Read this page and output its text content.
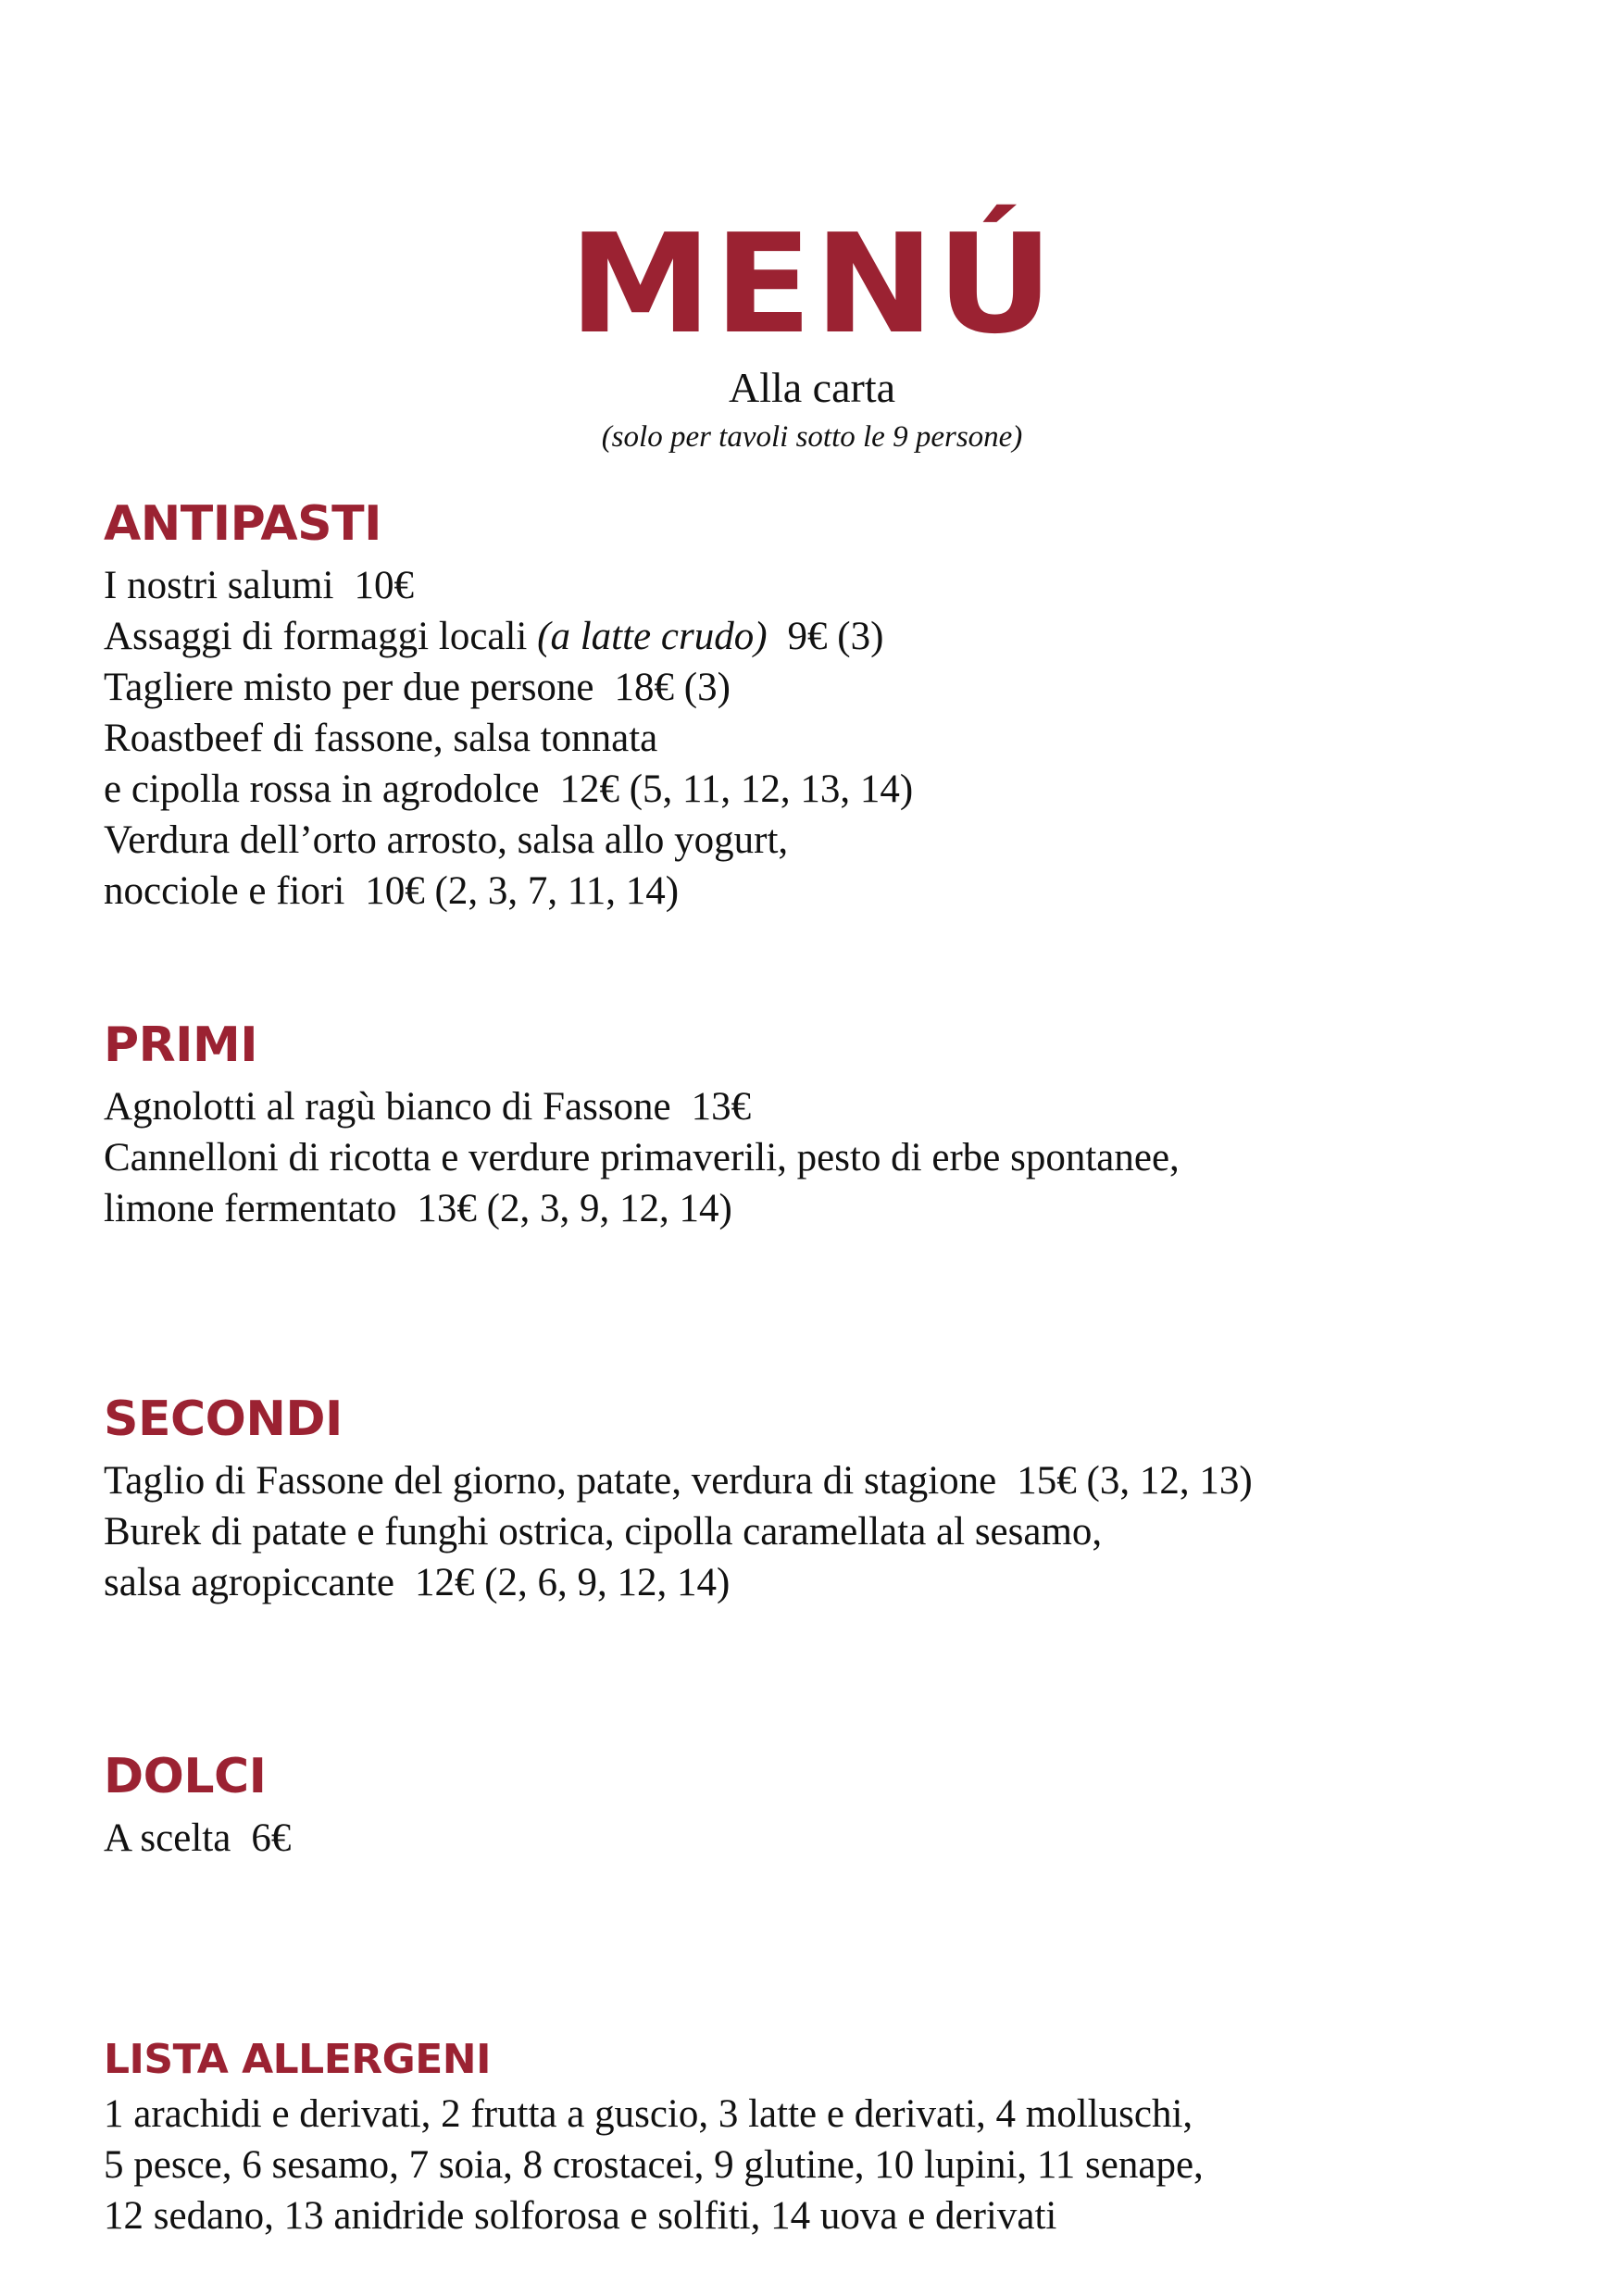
MENÚ
Alla carta
(solo per tavoli sotto le 9 persone)
ANTIPASTI
I nostri salumi 10€
Assaggi di formaggi locali (a latte crudo) 9€ (3)
Tagliere misto per due persone 18€ (3)
Roastbeef di fassone, salsa tonnata
e cipolla rossa in agrodolce 12€ (5, 11, 12, 13, 14)
Verdura dell’orto arrosto, salsa allo yogurt,
nocciole e fiori 10€ (2, 3, 7, 11, 14)
PRIMI
Agnolotti al ragù bianco di Fassone 13€
Cannelloni di ricotta e verdure primaverili, pesto di erbe spontanee,
limone fermentato 13€ (2, 3, 9, 12, 14)
SECONDI
Taglio di Fassone del giorno, patate, verdura di stagione 15€ (3, 12, 13)
Burek di patate e funghi ostrica, cipolla caramellata al sesamo,
salsa agropiccante 12€ (2, 6, 9, 12, 14)
DOLCI
A scelta 6€
LISTA ALLERGENI
1 arachidi e derivati, 2 frutta a guscio, 3 latte e derivati, 4 molluschi,
5 pesce, 6 sesamo, 7 soia, 8 crostacei, 9 glutine, 10 lupini, 11 senape,
12 sedano, 13 anidride solforosa e solfiti, 14 uova e derivati
